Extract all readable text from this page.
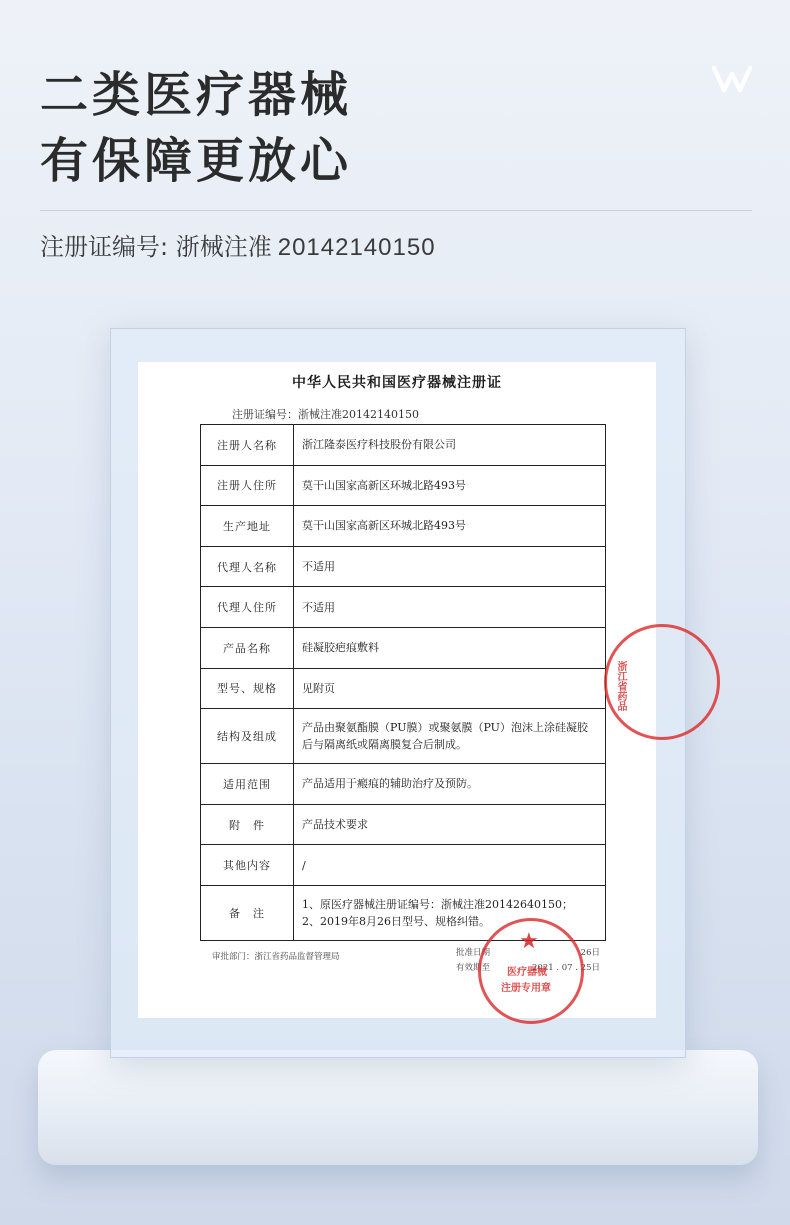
二类医疗器械
有保障更放心
注册证编号: 浙械注准 20142140150
中华人民共和国医疗器械注册证
注册证编号：浙械注准20142140150
注册人名称	浙江隆泰医疗科技股份有限公司
注册人住所	莫干山国家高新区环城北路493号
生产地址	莫干山国家高新区环城北路493号
代理人名称	不适用
代理人住所	不适用
产品名称	硅凝胶疤痕敷料
型号、规格	见附页
结构及组成	产品由聚氨酯膜（PU膜）或聚氨膜（PU）泡沫上涂硅凝胶后与隔离纸或隔离膜复合后制成。
适用范围	产品适用于瘢痕的辅助治疗及预防。
附　件	产品技术要求
其他内容	/
备　注	1、原医疗器械注册证编号：浙械注准20142640150；
2、2019年8月26日型号、规格纠错。
审批部门：浙江省药品监督管理局	批准日期	26日
有效期至	2021 . 07 . 25日
浙江省药品
★
医疗器械
注册专用章
